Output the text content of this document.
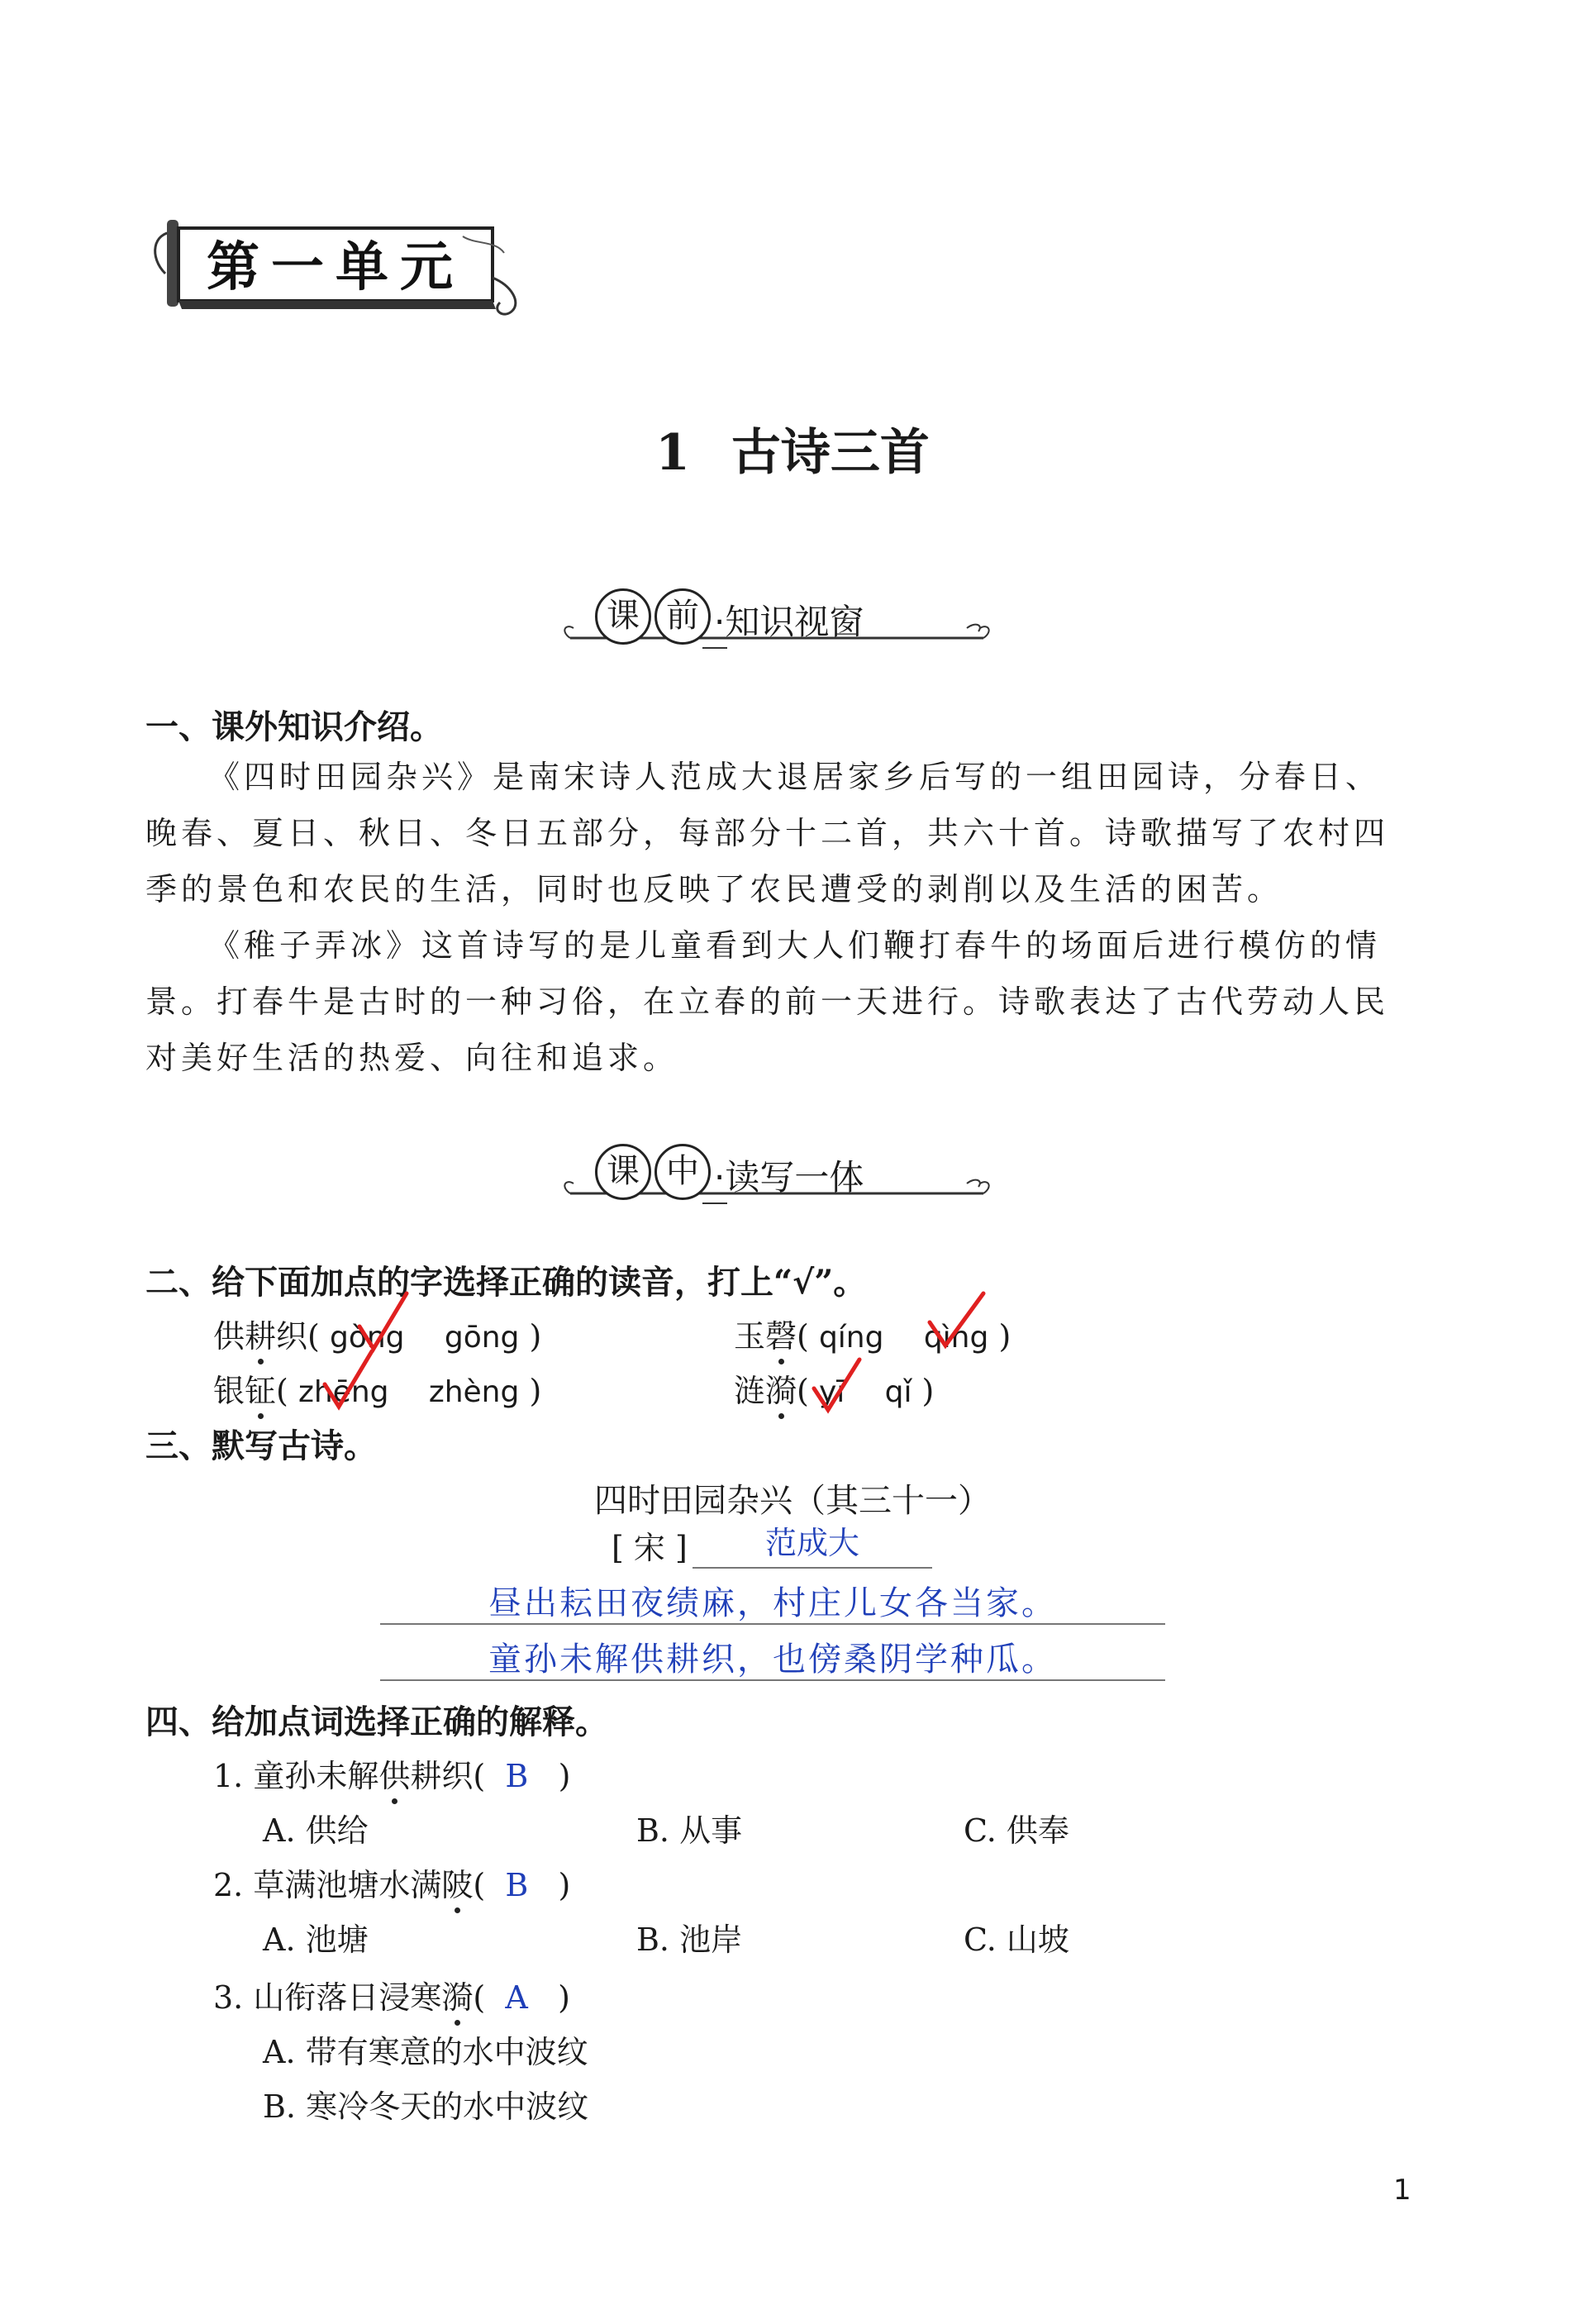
第一单元
1 古诗三首
课 前 ·知识视窗
一、课外知识介绍。

《四时田园杂兴》是南宋诗人范成大退居家乡后写的一组田园诗，分春日、晚春、夏日、秋日、冬日五部分，每部分十二首，共六十首。诗歌描写了农村四季的景色和农民的生活，同时也反映了农民遭受的剥削以及生活的困苦。

《稚子弄冰》这首诗写的是儿童看到大人们鞭打春牛的场面后进行模仿的情景。打春牛是古时的一种习俗，在立春的前一天进行。诗歌表达了古代劳动人民对美好生活的热爱、向往和追求。

课 中 ·读写一体
二、给下面加点的字选择正确的读音，打上“√”。
供耕织( gòng gōng )	玉磬( qíng qìng )
银钲( zhēng zhèng )	涟漪( yī qǐ )
三、默写古诗。
四时田园杂兴（其三十一）
[ 宋 ]	范成大
昼出耘田夜绩麻，村庄儿女各当家。
童孙未解供耕织，也傍桑阴学种瓜。
四、给加点词选择正确的解释。
1. 童孙未解供耕织(  B   )
A. 供给	B. 从事	C. 供奉
2. 草满池塘水满陂(  B   )
A. 池塘	B. 池岸	C. 山坡
3. 山衔落日浸寒漪(  A   )
A. 带有寒意的水中波纹
B. 寒冷冬天的水中波纹
1
